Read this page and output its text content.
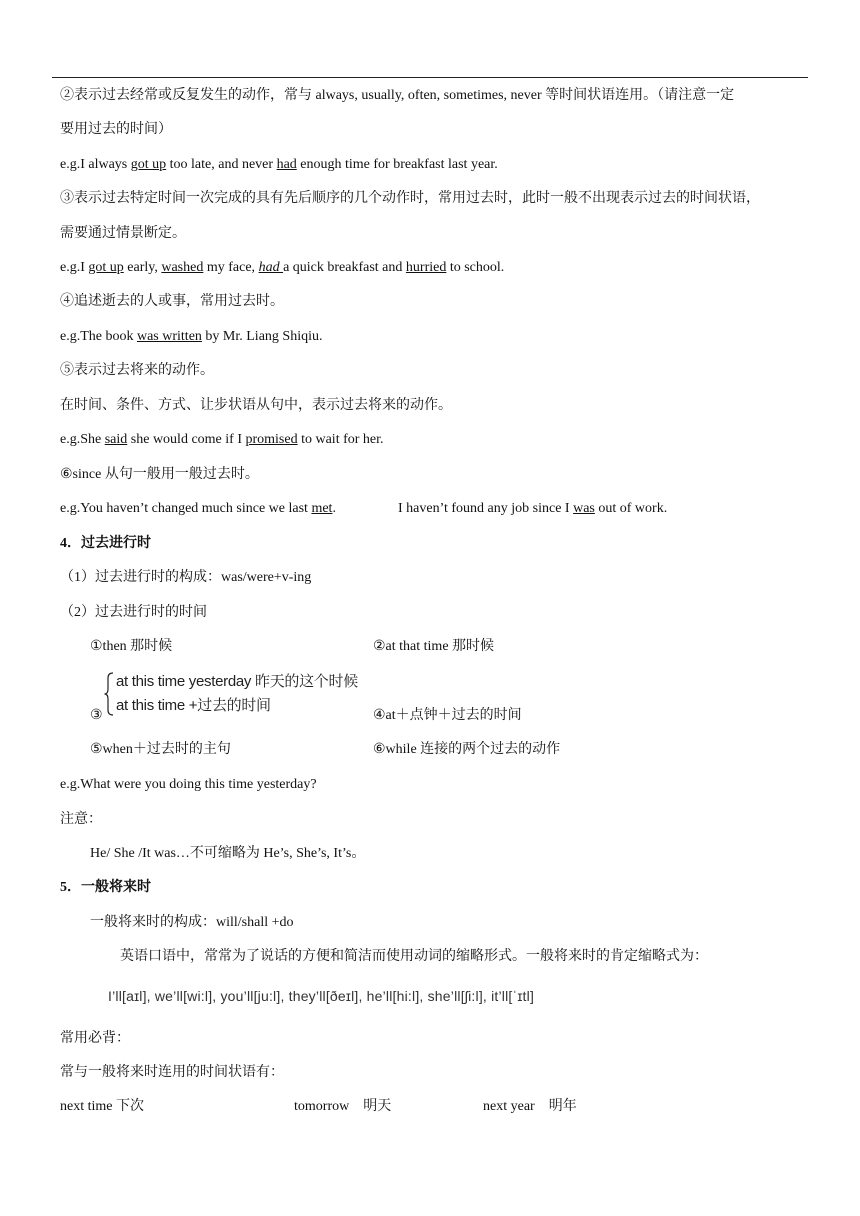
②表示过去经常或反复发生的动作，常与 always, usually, often, sometimes, never 等时间状语连用。（请注意一定
要用过去的时间）
e.g.I always got up too late, and never had enough time for breakfast last year.
③表示过去特定时间一次完成的具有先后顺序的几个动作时，常用过去时，此时一般不出现表示过去的时间状语，
需要通过情景断定。
e.g.I got up early, washed my face, had a quick breakfast and hurried to school.
④追述逝去的人或事，常用过去时。
e.g.The book was written by Mr. Liang Shiqiu.
⑤表示过去将来的动作。
在时间、条件、方式、让步状语从句中，表示过去将来的动作。
e.g.She said she would come if I promised to wait for her.
⑥since 从句一般用一般过去时。
e.g.You haven’t changed much since we last met.	I haven’t found any job since I was out of work.
4．过去进行时
（1）过去进行时的构成：was/were+v-ing
（2）过去进行时的时间
①then 那时候	②at that time 那时候
at this time yesterday 昨天的这个时候
at this time +过去的时间
③	④at＋点钟＋过去的时间
⑤when＋过去时的主句	⑥while 连接的两个过去的动作
e.g.What were you doing this time yesterday?
注意：
He/ She /It was…不可缩略为 He’s, She’s, It’s。
5．一般将来时
一般将来时的构成：will/shall +do
英语口语中，常常为了说话的方便和简洁而使用动词的缩略形式。一般将来时的肯定缩略式为：
I’ll[aɪl], we’ll[wi:l], you’ll[ju:l], they’ll[ðeɪl], he’ll[hi:l], she’ll[ʃi:l], it’ll[ˈɪtl]
常用必背：
常与一般将来时连用的时间状语有：
next time 下次	tomorrow　明天	next year　明年
